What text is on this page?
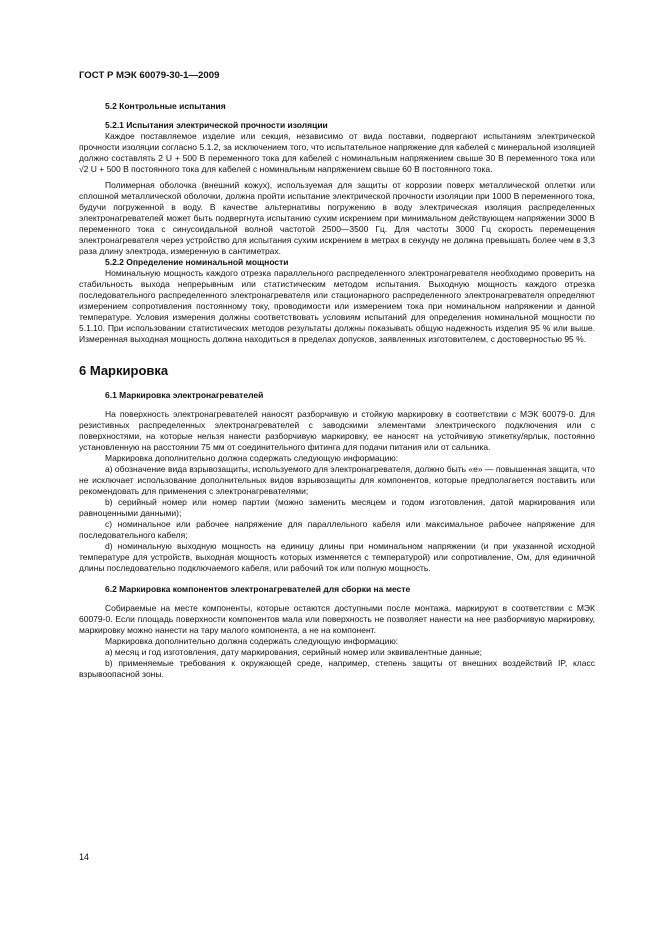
ГОСТ Р МЭК 60079-30-1—2009
5.2 Контрольные испытания
5.2.1 Испытания электрической прочности изоляции

Каждое поставляемое изделие или секция, независимо от вида поставки, подвергают испытаниям электрической прочности изоляции согласно 5.1.2, за исключением того, что испытательное напряжение для кабелей с минеральной изоляцией должно составлять 2 U + 500 В переменного тока для кабелей с номинальным напряжением свыше 30 В переменного тока или √2 U + 500 В постоянного тока для кабелей с номинальным напряжением свыше 60 В постоянного тока.

Полимерная оболочка (внешний кожух), используемая для защиты от коррозии поверх металлической оплетки или сплошной металлической оболочки, должна пройти испытание электрической прочности изоляции при 1000 В переменного тока, будучи погруженной в воду. В качестве альтернативы погружению в воду электрическая изоляция распределенных электронагревателей может быть подвергнута испытанию сухим искрением при минимальном действующем напряжении 3000 В переменного тока с синусоидальной волной частотой 2500—3500 Гц. Для частоты 3000 Гц скорость перемещения электронагревателя через устройство для испытания сухим искрением в метрах в секунду не должна превышать более чем в 3,3 раза длину электрода, измеренную в сантиметрах.

5.2.2 Определение номинальной мощности

Номинальную мощность каждого отрезка параллельного распределенного электронагревателя необходимо проверить на стабильность выхода непрерывным или статистическим методом испытания. Выходную мощность каждого отрезка последовательного распределенного электронагревателя или стационарного распределенного электронагревателя определяют измерением сопротивления постоянному току, проводимости или измерением тока при номинальном напряжении и данной температуре. Условия измерения должны соответствовать условиям испытаний для определения номинальной мощности по 5.1.10. При использовании статистических методов результаты должны показывать общую надежность изделия 95 % или выше. Измеренная выходная мощность должна находиться в пределах допусков, заявленных изготовителем, с достоверностью 95 %.

6 Маркировка
6.1 Маркировка электронагревателей

На поверхность электронагревателей наносят разборчивую и стойкую маркировку в соответствии с МЭК 60079-0. Для резистивных распределенных электронагревателей с заводскими элементами электрического подключения или с поверхностями, на которые нельзя нанести разборчивую маркировку, ее наносят на устойчивую этикетку/ярлык, постоянно установленную на расстоянии 75 мм от соединительного фитинга для подачи питания или от сальника.

Маркировка дополнительно должна содержать следующую информацию:

а) обозначение вида взрывозащиты, используемого для электронагревателя, должно быть «е» — повышенная защита, что не исключает использование дополнительных видов взрывозащиты для компонентов, которые предполагается поставить или рекомендовать для применения с электронагревателями;

b) серийный номер или номер партии (можно заменить месяцем и годом изготовления, датой маркирования или равноценными данными);

с) номинальное или рабочее напряжение для параллельного кабеля или максимальное рабочее напряжение для последовательного кабеля;

d) номинальную выходную мощность на единицу длины при номинальном напряжении (и при указанной исходной температуре для устройств, выходная мощность которых изменяется с температурой) или сопротивление, Ом, для единичной длины последовательно подключаемого кабеля, или рабочий ток или полную мощность.

6.2 Маркировка компонентов электронагревателей для сборки на месте

Собираемые на месте компоненты, которые остаются доступными после монтажа, маркируют в соответствии с МЭК 60079-0. Если площадь поверхности компонентов мала или поверхность не позволяет нанести на нее разборчивую маркировку, маркировку можно нанести на тару малого компонента, а не на компонент.

Маркировка дополнительно должна содержать следующую информацию:

а) месяц и год изготовления, дату маркирования, серийный номер или эквивалентные данные;

b) применяемые требования к окружающей среде, например, степень защиты от внешних воздействий IP, класс взрывоопасной зоны.

14
